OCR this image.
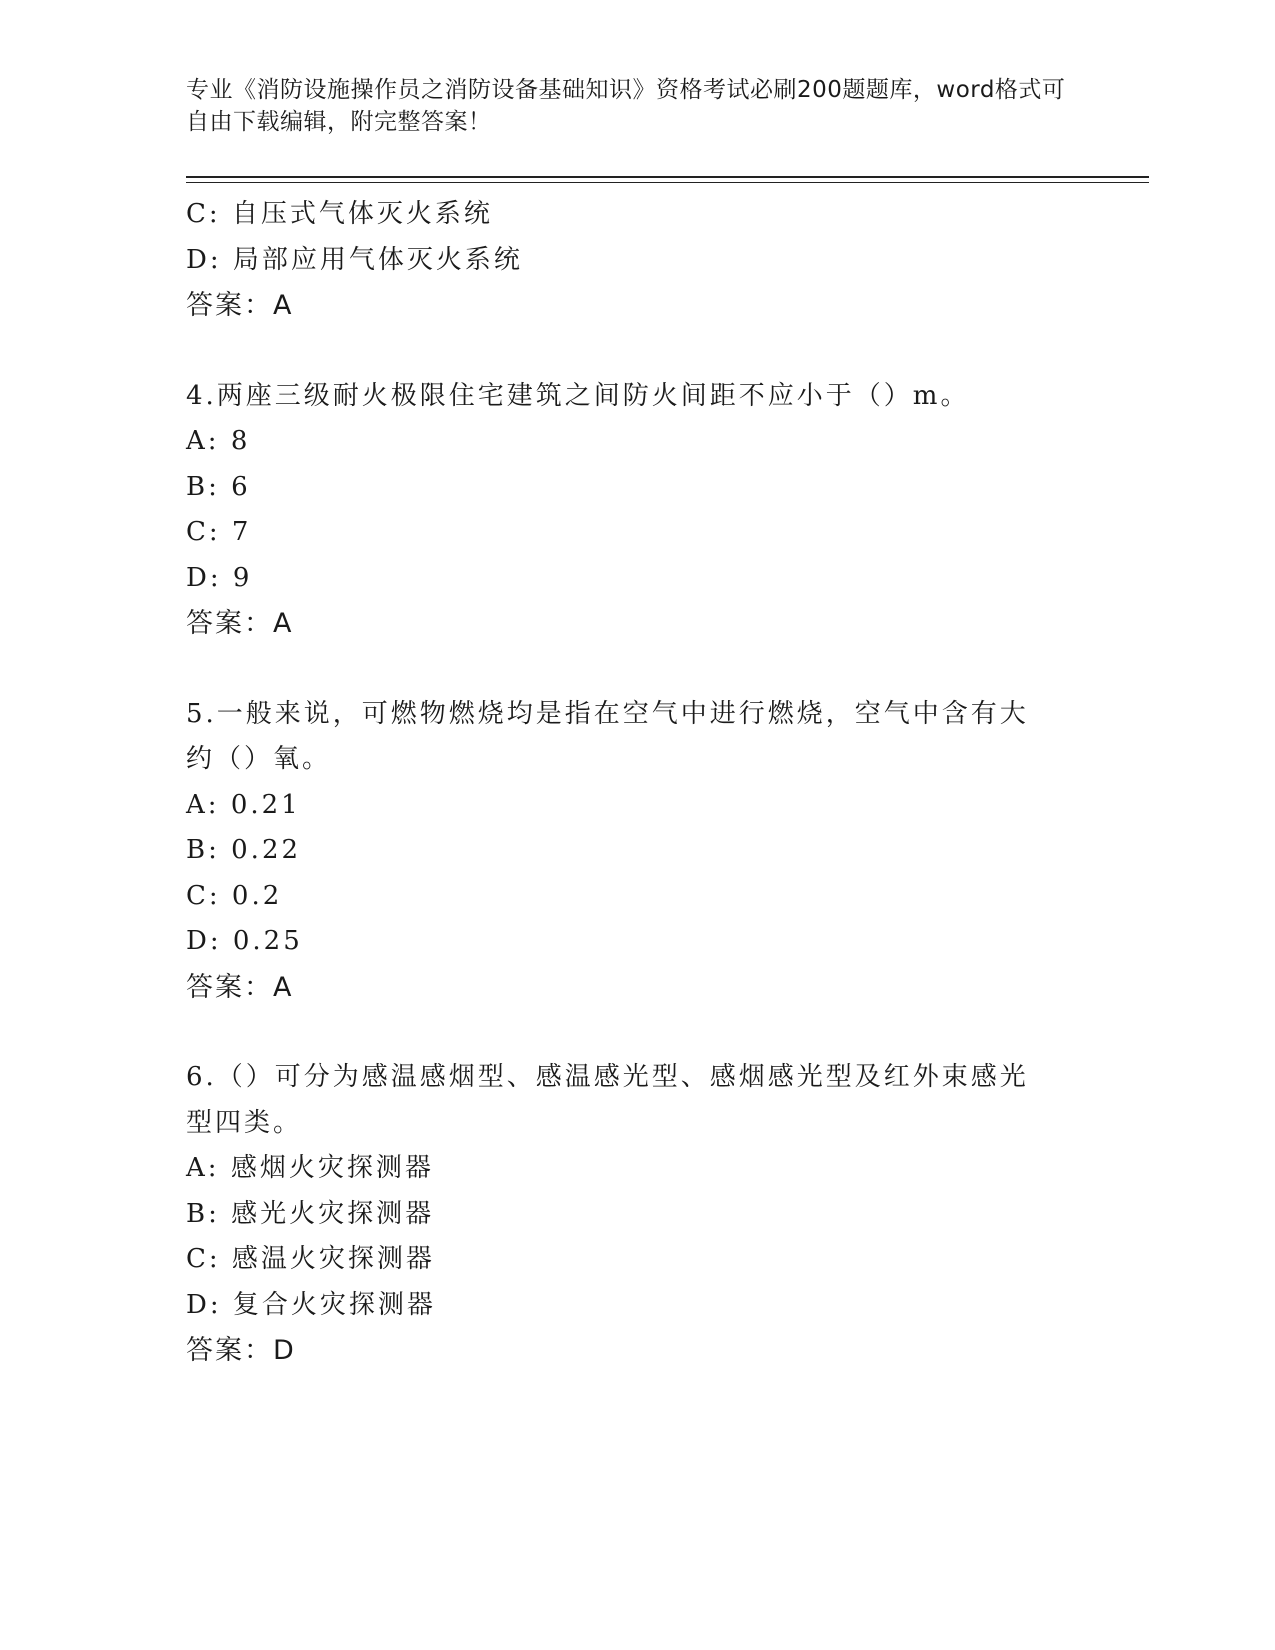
专业《消防设施操作员之消防设备基础知识》资格考试必刷200题题库，word格式可自由下载编辑，附完整答案！
C: 自压式气体灭火系统
D: 局部应用气体灭火系统
答案：A
4.两座三级耐火极限住宅建筑之间防火间距不应小于（）m。
A: 8
B: 6
C: 7
D: 9
答案：A
5.一般来说，可燃物燃烧均是指在空气中进行燃烧，空气中含有大约（）氧。
A: 0.21
B: 0.22
C: 0.2
D: 0.25
答案：A
6.（）可分为感温感烟型、感温感光型、感烟感光型及红外束感光型四类。
A: 感烟火灾探测器
B: 感光火灾探测器
C: 感温火灾探测器
D: 复合火灾探测器
答案：D
